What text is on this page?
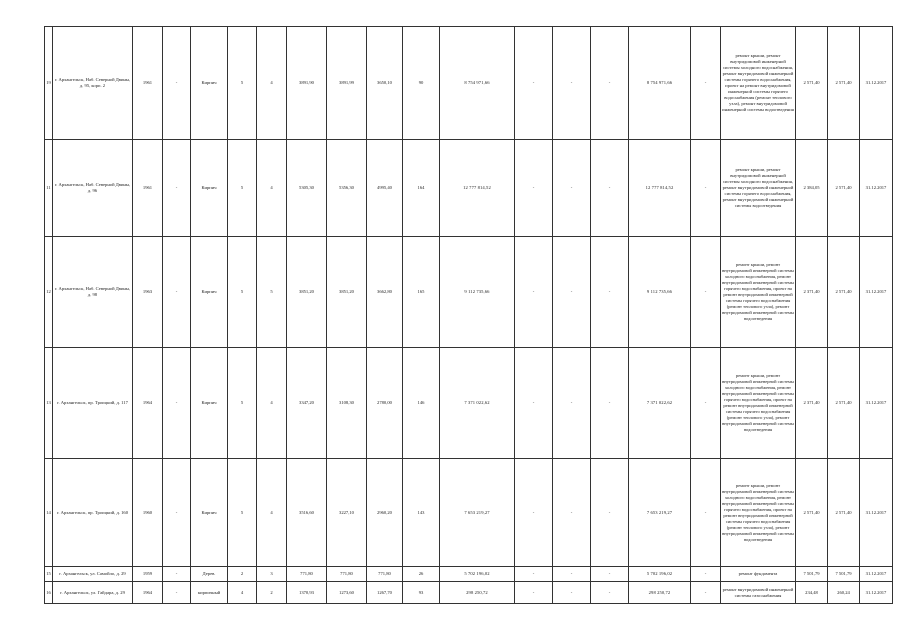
19	г. Архангельск, Наб. Северной Двины, д. 95, корп. 2	1961	-	Кирпич	5	4	3891,90	3891,99	3650,10	90	8 754 971,66	-	-	-	8 754 971,66	-	ремонт крыши, ремонт внутридомовой инженерной системы холодного водоснабжения, ремонт внутридомовой инженерной системы горячего водоснабжения, проект на ремонт внутридомовой инженерной системы горячего водоснабжения (ремонт теплового узла), ремонт внутридомовой инженерной системы водоотведения	2 571,40	2 571,40	31.12.2017
11	г. Архангельск, Наб. Северной Двины, д. 96	1961	-	Кирпич	5	4	5305,30	5356,30	4995,40	164	12 777 814,52	-	-	-	12 777 814,52	-	ремонт крыши, ремонт внутридомовой инженерной системы холодного водоснабжения, ремонт внутридомовой инженерной системы горячего водоснабжения, ремонт внутридомовой инженерной системы водоотведения	2 384,05	2 571,40	31.12.2017
12	г. Архангельск, Наб. Северной Двины, д. 98	1963	-	Кирпич	5	5	3851,20	3851,20	3662,80	165	9 112 735,66	-	-	-	9 112 735,66	-	ремонт крыши, ремонт внутридомовой инженерной системы холодного водоснабжения, ремонт внутридомовой инженерной системы горячего водоснабжения, проект на ремонт внутридомовой инженерной системы горячего водоснабжения (ремонт теплового узла), ремонт внутридомовой инженерной системы водоотведения	2 371,40	2 571,40	31.12.2017
13	г. Архангельск, пр. Троицкий, д. 117	1964	-	Кирпич	5	4	3347,20	3108,30	2780,00	146	7 371 022,62	-	-	-	7 371 022,62	-	ремонт крыши, ремонт внутридомовой инженерной системы холодного водоснабжения, ремонт внутридомовой инженерной системы горячего водоснабжения, проект на ремонт внутридомовой инженерной системы горячего водоснабжения (ремонт теплового узла), ремонт внутридомовой инженерной системы водоотведения	2 371,40	2 571,40	31.12.2017
14	г. Архангельск, пр. Троицкий, д. 160	1960	-	Кирпич	5	4	3516,60	3227,10	2960,20	143	7 653 219,27	-	-	-	7 653 219,27	-	ремонт крыши, ремонт внутридомовой инженерной системы холодного водоснабжения, ремонт внутридомовой инженерной системы горячего водоснабжения, проект на ремонт внутридомовой инженерной системы горячего водоснабжения (ремонт теплового узла), ремонт внутридомовой инженерной системы водоотведения	2 571,40	2 571,40	31.12.2017
15	г. Архангельск, ул. Самойло, д. 29	1959	-	Дерев.	2	3	771,80	771,80	771,80	26	5 702 196,02	-	-	-	5 702 196,02	-	ремонт фундамента	7 501,79	7 501,79	31.12.2017
16	г. Архангельск, ул. Гайдара, д. 29	1964	-	кирпичный	4	2	1370,93	1273,60	1267,70	93	298 250,72	-	-	-	298 250,72	-	ремонт внутридомовой инженерной системы газоснабжения	234,48	260,24	31.12.2017
